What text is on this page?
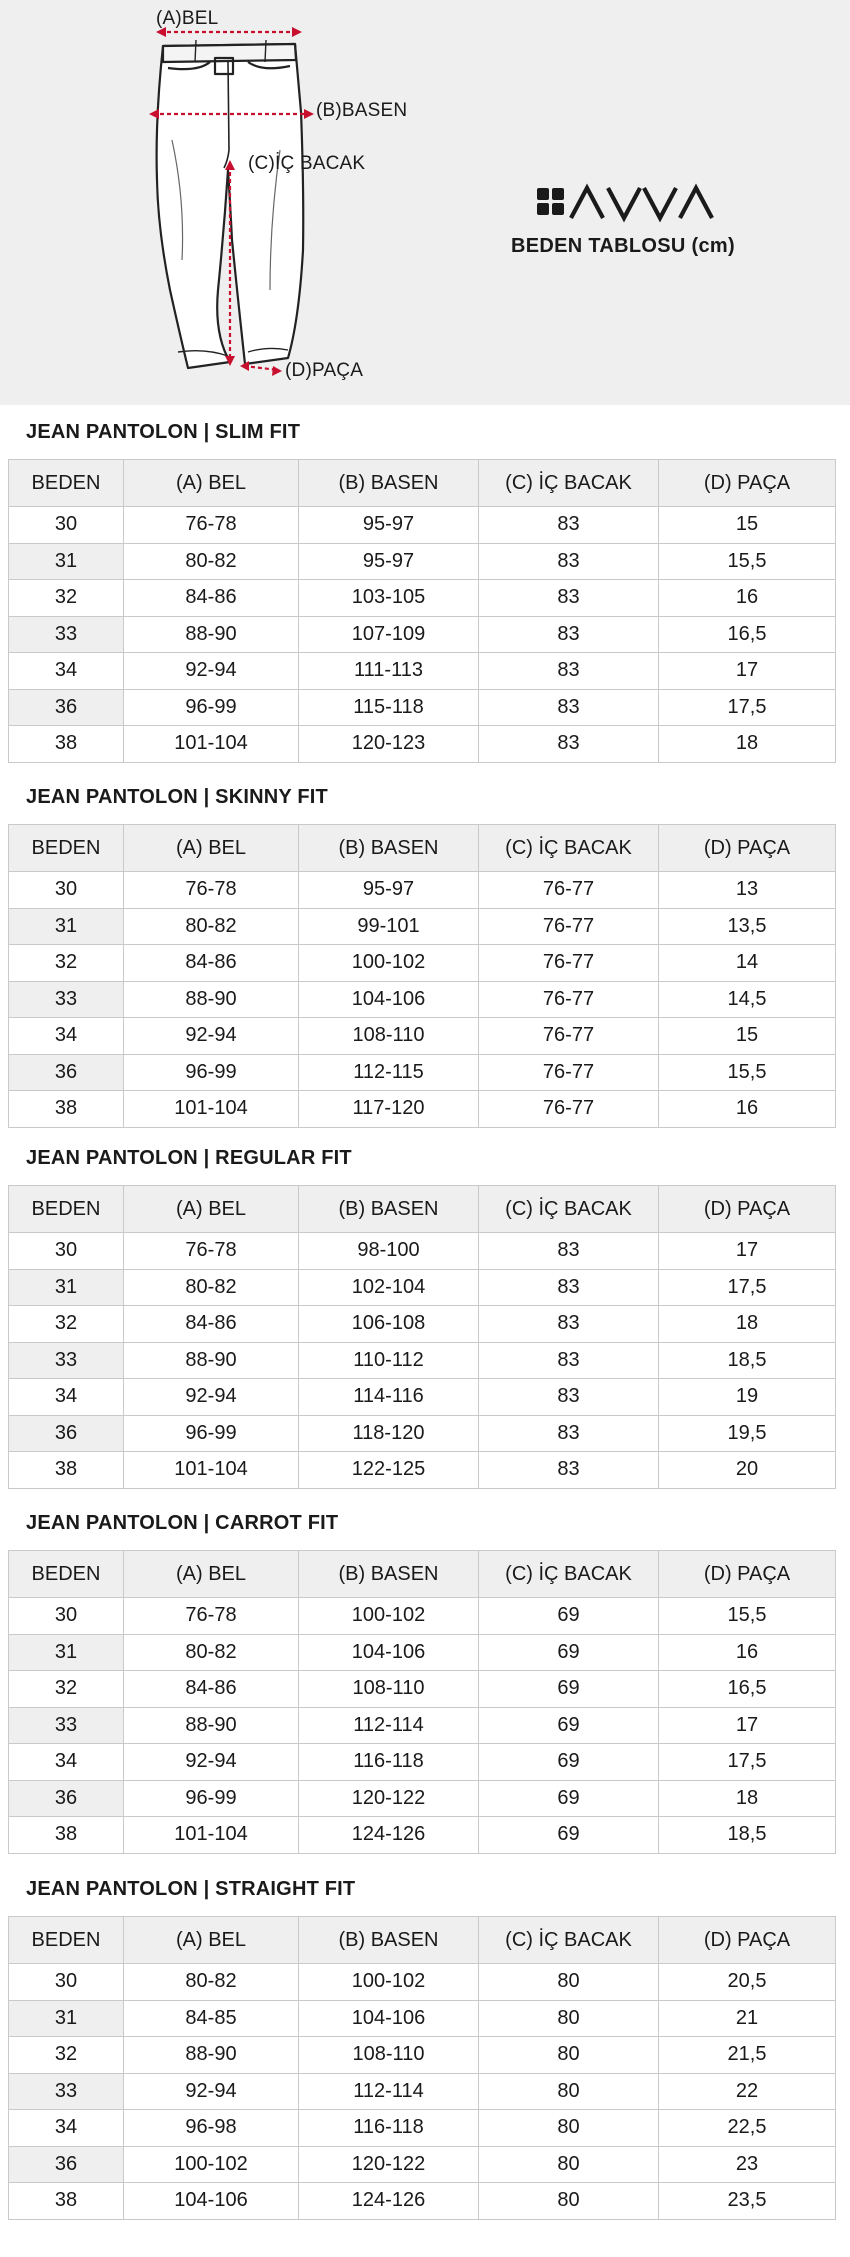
(A)BEL
(B)BASEN
(C)İÇ BACAK
(D)PAÇA
BEDEN TABLOSU (cm)
JEAN PANTOLON | SLIM FIT
BEDEN	(A) BEL	(B) BASEN	(C) İÇ BACAK	(D) PAÇA
30	76-78	95-97	83	15
31	80-82	95-97	83	15,5
32	84-86	103-105	83	16
33	88-90	107-109	83	16,5
34	92-94	111-113	83	17
36	96-99	115-118	83	17,5
38	101-104	120-123	83	18
JEAN PANTOLON | SKINNY FIT
BEDEN	(A) BEL	(B) BASEN	(C) İÇ BACAK	(D) PAÇA
30	76-78	95-97	76-77	13
31	80-82	99-101	76-77	13,5
32	84-86	100-102	76-77	14
33	88-90	104-106	76-77	14,5
34	92-94	108-110	76-77	15
36	96-99	112-115	76-77	15,5
38	101-104	117-120	76-77	16
JEAN PANTOLON | REGULAR FIT
BEDEN	(A) BEL	(B) BASEN	(C) İÇ BACAK	(D) PAÇA
30	76-78	98-100	83	17
31	80-82	102-104	83	17,5
32	84-86	106-108	83	18
33	88-90	110-112	83	18,5
34	92-94	114-116	83	19
36	96-99	118-120	83	19,5
38	101-104	122-125	83	20
JEAN PANTOLON | CARROT FIT
BEDEN	(A) BEL	(B) BASEN	(C) İÇ BACAK	(D) PAÇA
30	76-78	100-102	69	15,5
31	80-82	104-106	69	16
32	84-86	108-110	69	16,5
33	88-90	112-114	69	17
34	92-94	116-118	69	17,5
36	96-99	120-122	69	18
38	101-104	124-126	69	18,5
JEAN PANTOLON | STRAIGHT FIT
BEDEN	(A) BEL	(B) BASEN	(C) İÇ BACAK	(D) PAÇA
30	80-82	100-102	80	20,5
31	84-85	104-106	80	21
32	88-90	108-110	80	21,5
33	92-94	112-114	80	22
34	96-98	116-118	80	22,5
36	100-102	120-122	80	23
38	104-106	124-126	80	23,5
